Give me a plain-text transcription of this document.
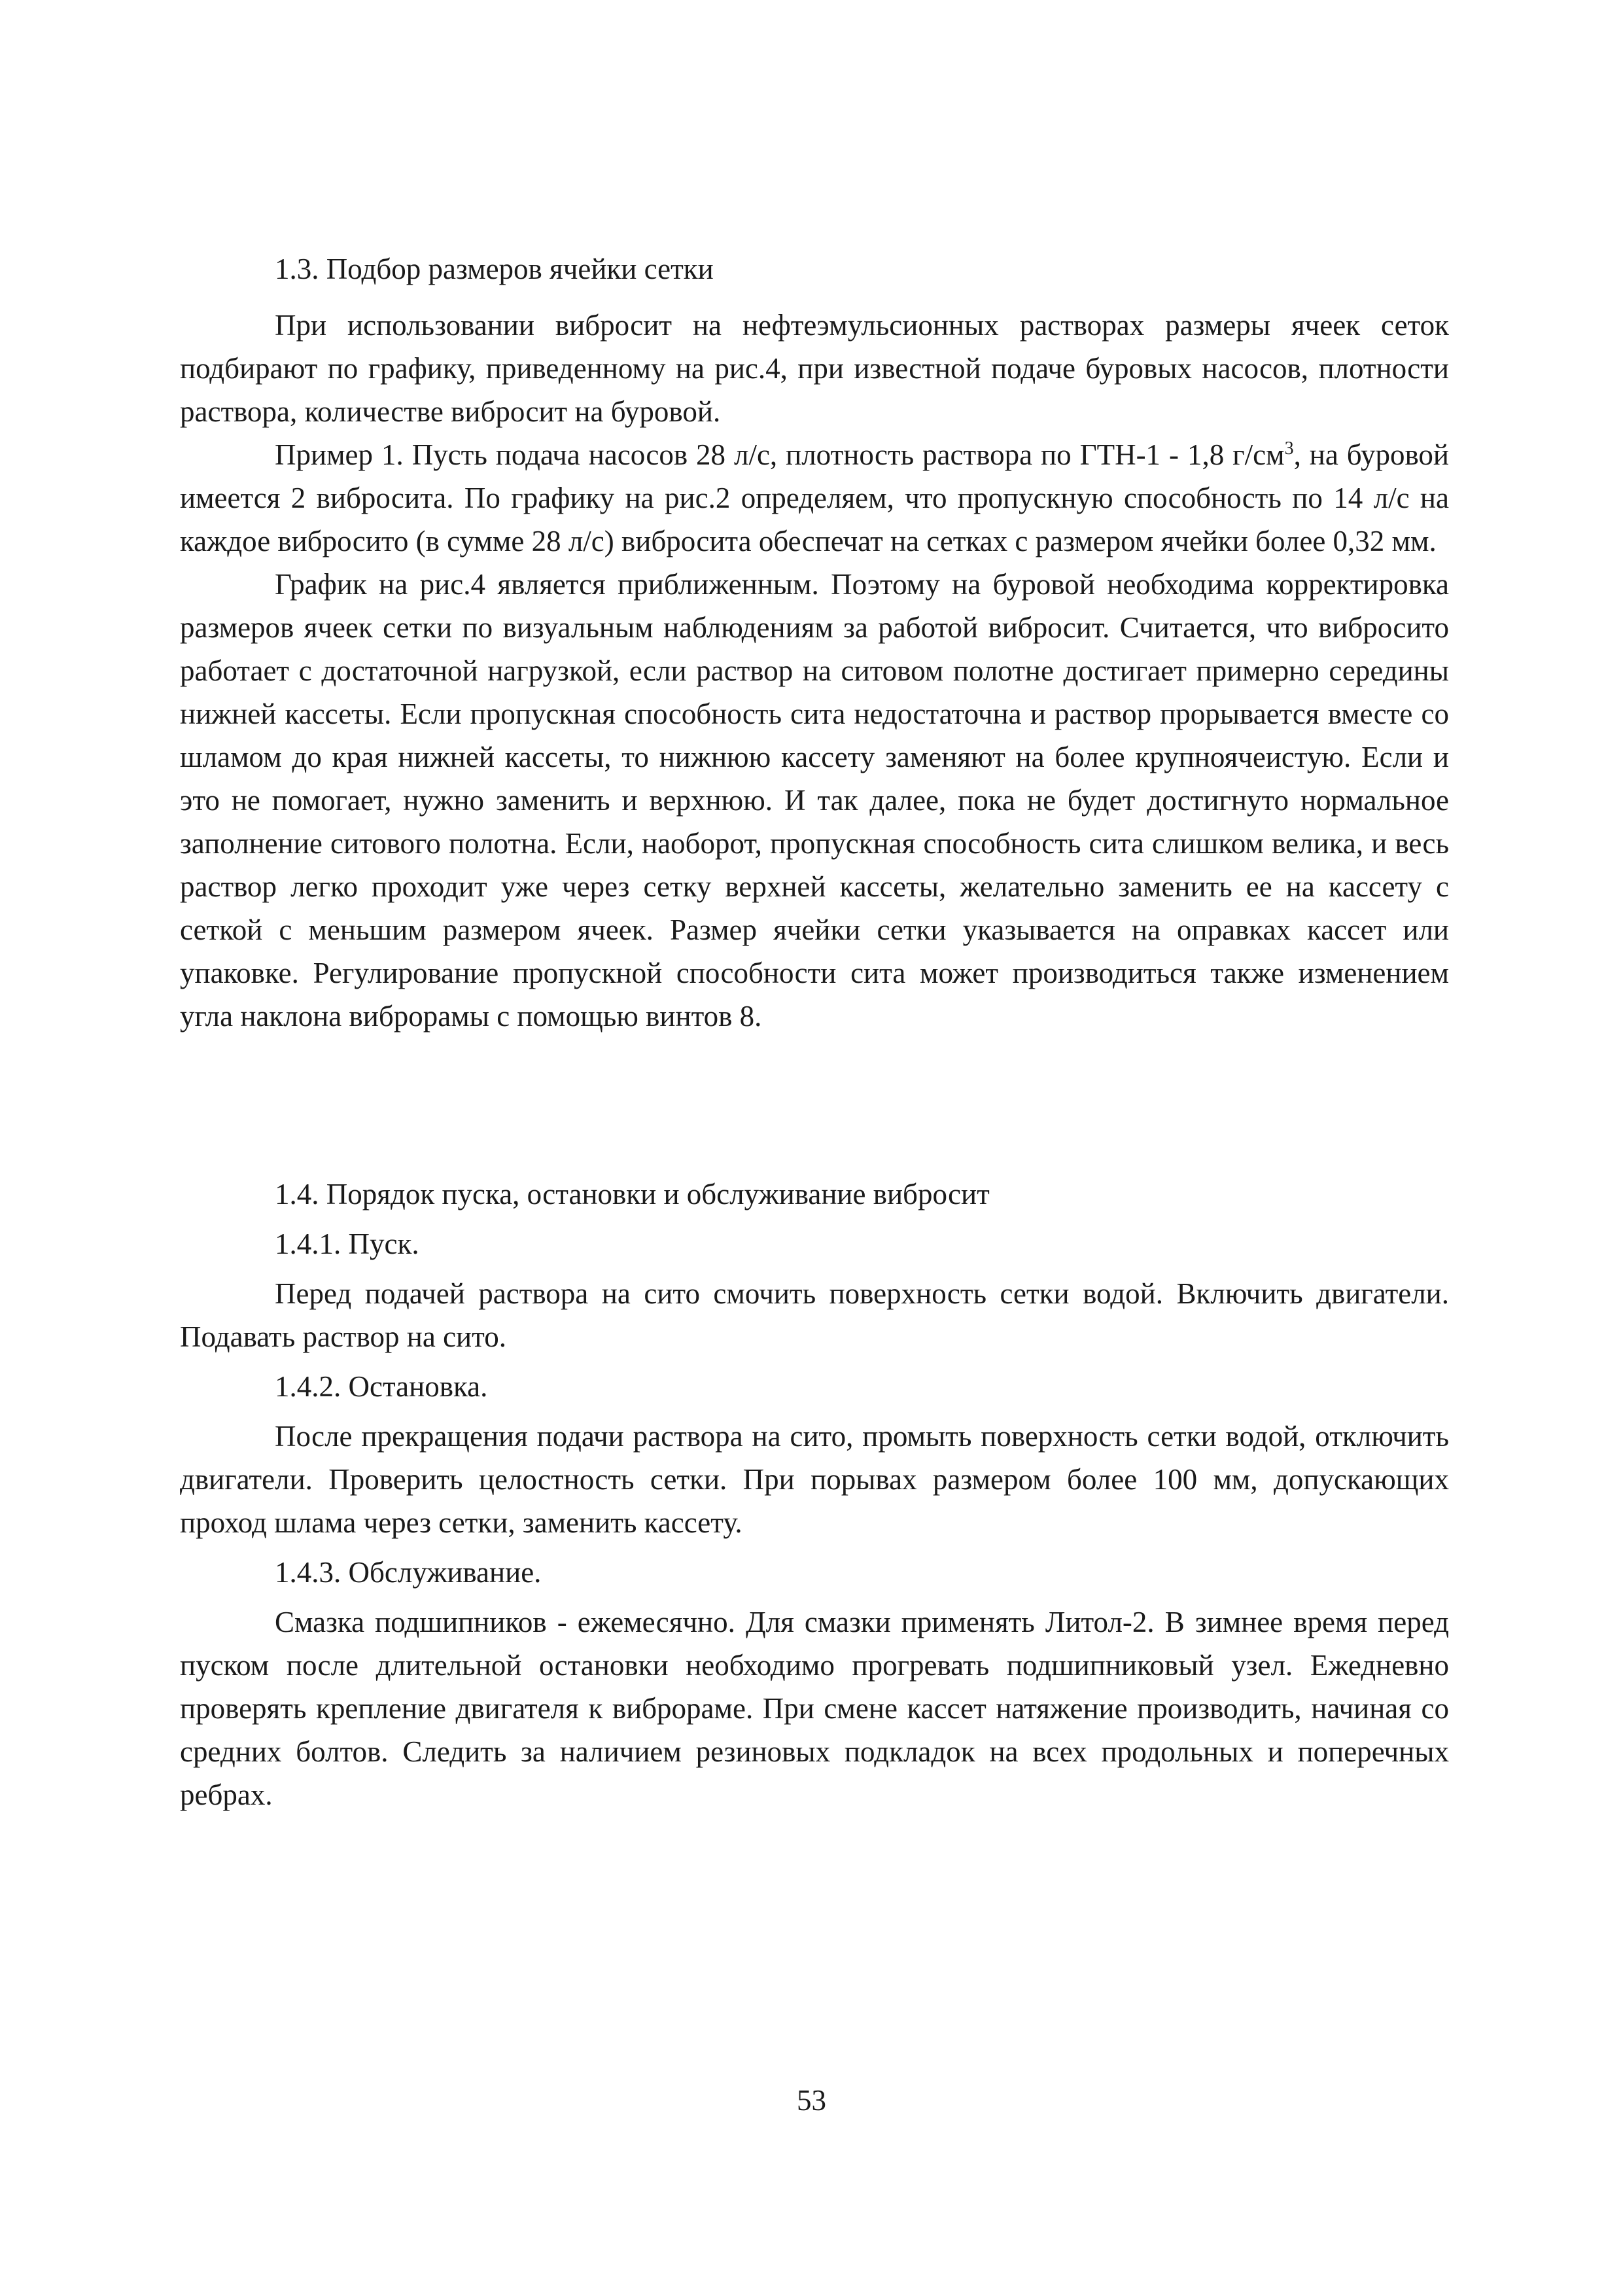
1.3. Подбор размеров ячейки сетки

При использовании вибросит на нефтеэмульсионных растворах размеры ячеек сеток подбирают по графику, приведенному на рис.4, при известной подаче буровых насосов, плотности раствора, количестве вибросит на буровой.

Пример 1. Пусть подача насосов 28 л/с, плотность раствора по ГТН-1 - 1,8 $г/см^3$, на буровой имеется 2 вибросита. По графику на рис.2 определяем, что пропускную способность по 14 л/с на каждое вибросито (в сумме 28 л/с) вибросита обеспечат на сетках с размером ячейки более 0,32 мм.

График на рис.4 является приближенным. Поэтому на буровой необходима корректировка размеров ячеек сетки по визуальным наблюдениям за работой вибросит. Считается, что вибросито работает с достаточной нагрузкой, если раствор на ситовом полотне достигает примерно середины нижней кассеты. Если пропускная способность сита недостаточна и раствор прорывается вместе со шламом до края нижней кассеты, то нижнюю кассету заменяют на более крупноячеистую. Если и это не помогает, нужно заменить и верхнюю. И так далее, пока не будет достигнуто нормальное заполнение ситового полотна. Если, наоборот, пропускная способность сита слишком велика, и весь раствор легко проходит уже через сетку верхней кассеты, желательно заменить ее на кассету с сеткой с меньшим размером ячеек. Размер ячейки сетки указывается на оправках кассет или упаковке. Регулирование пропускной способности сита может производиться также изменением угла наклона виброрамы с помощью винтов 8.

1.4. Порядок пуска, остановки и обслуживание вибросит

1.4.1. Пуск.

Перед подачей раствора на сито смочить поверхность сетки водой. Включить двигатели. Подавать раствор на сито.

1.4.2. Остановка.

После прекращения подачи раствора на сито, промыть поверхность сетки водой, отключить двигатели. Проверить целостность сетки. При порывах размером более 100 мм, допускающих проход шлама через сетки, заменить кассету.

1.4.3. Обслуживание.

Смазка подшипников - ежемесячно. Для смазки применять Литол-2. В зимнее время перед пуском после длительной остановки необходимо прогревать подшипниковый узел. Ежедневно проверять крепление двигателя к виброраме. При смене кассет натяжение производить, начиная со средних болтов. Следить за наличием резиновых подкладок на всех продольных и поперечных ребрах.

53
